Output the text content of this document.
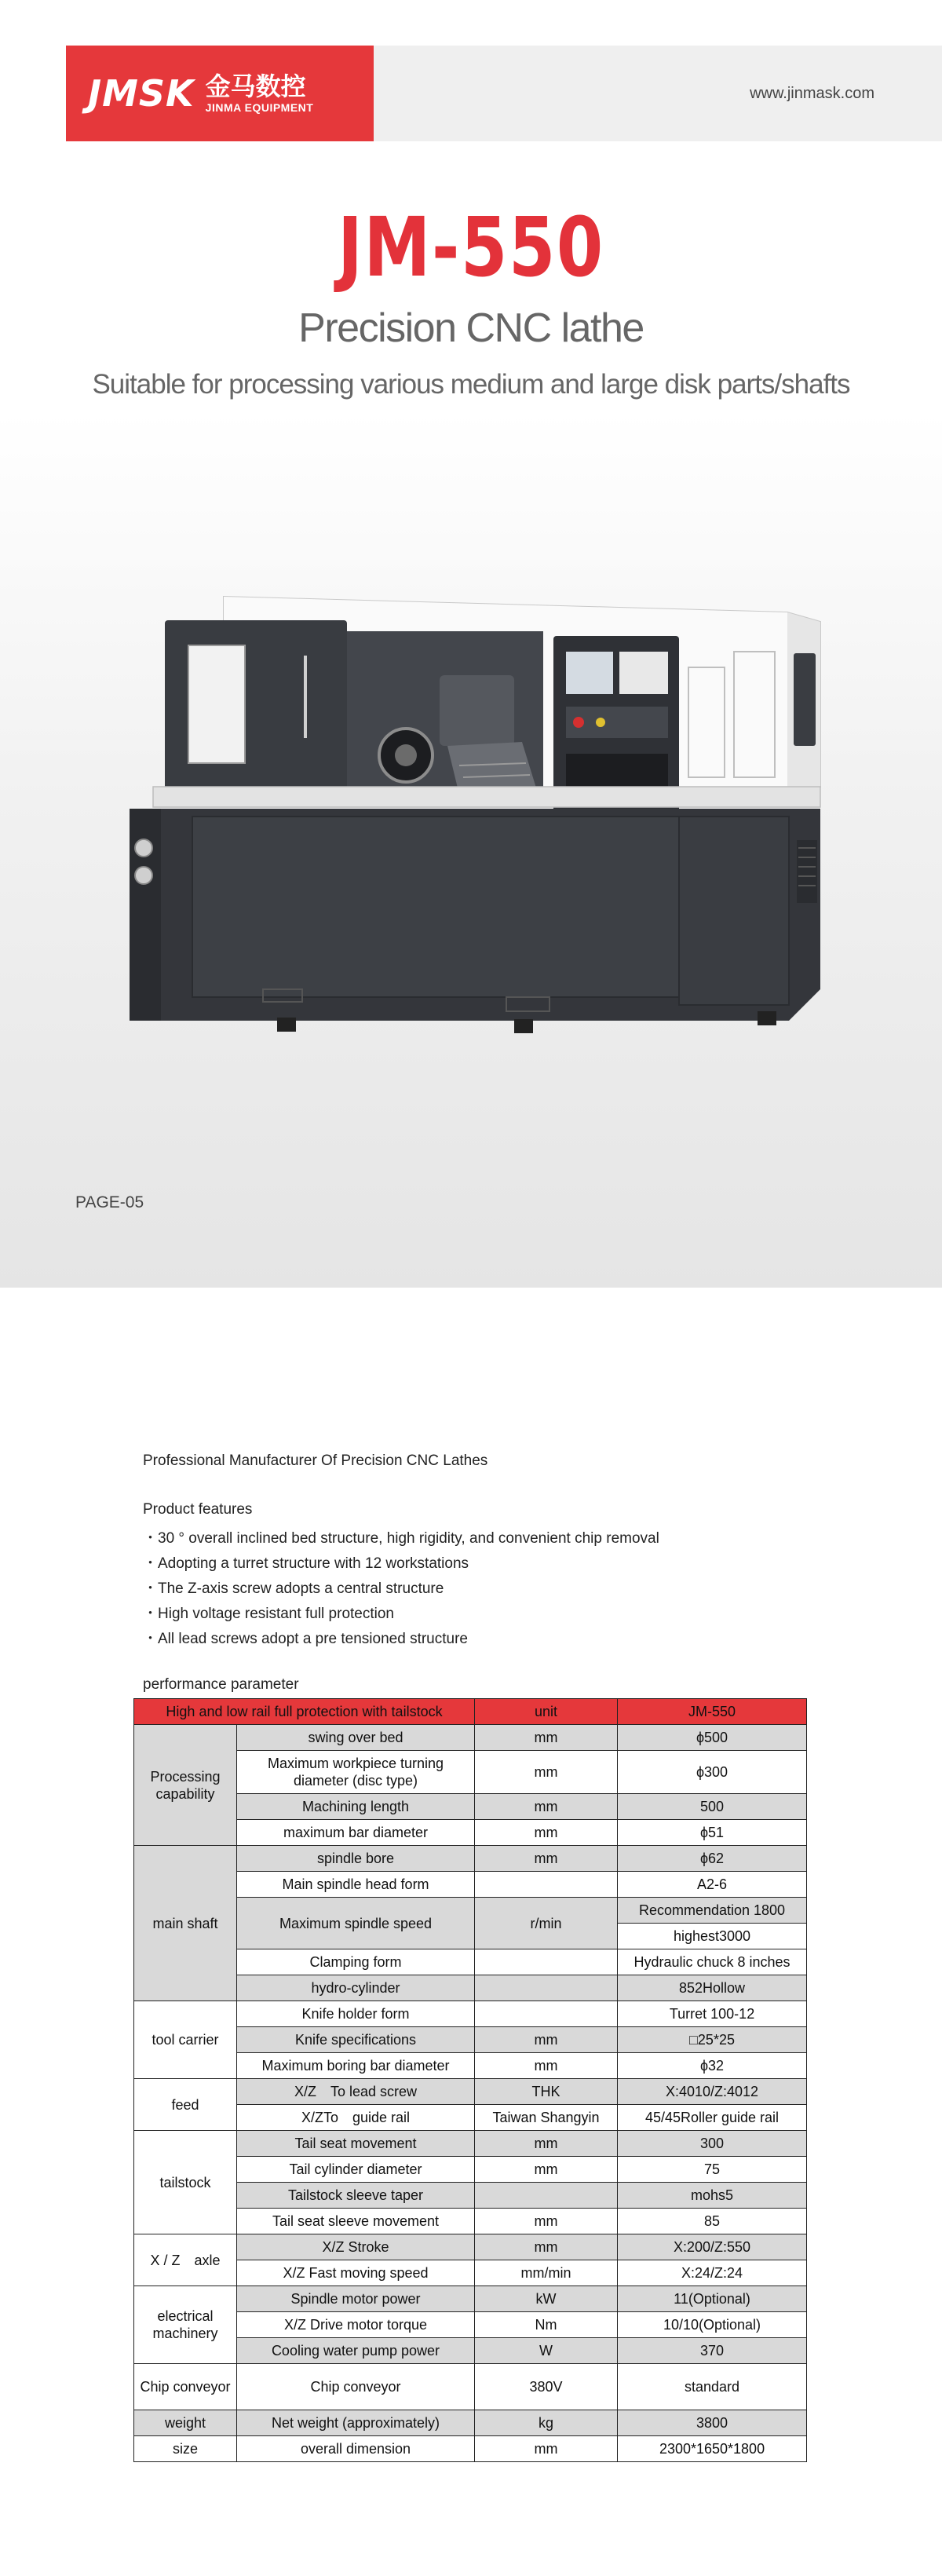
JMSK 金马数控
JINMA EQUIPMENT
www.jinmask.com
JM-550
Precision CNC lathe
Suitable for processing various medium and large disk parts/shafts
PAGE-05
Professional Manufacturer Of Precision CNC Lathes
Product features
・30 ° overall inclined bed structure, high rigidity, and convenient chip removal
・Adopting a turret structure with 12 workstations
・The Z-axis screw adopts a central structure
・High voltage resistant full protection
・All lead screws adopt a pre tensioned structure
performance parameter
High and low rail full protection with tailstock		unit	JM-550
Processing capability	swing over bed	mm	ϕ500
	Maximum workpiece turning diameter (disc type)	mm	ϕ300
	Machining length	mm	500
	maximum bar diameter	mm	ϕ51
main shaft	spindle bore	mm	ϕ62
	Main spindle head form		A2-6
	Maximum spindle speed	r/min	Recommendation 1800
			highest3000
	Clamping form		Hydraulic chuck 8 inches
	hydro-cylinder		852Hollow
tool carrier	Knife holder form		Turret 100-12
	Knife specifications	mm	□25*25
	Maximum boring bar diameter	mm	ϕ32
feed	X/Z　To lead screw	THK	X:4010/Z:4012
	X/ZTo　guide rail	Taiwan Shangyin	45/45Roller guide rail
tailstock	Tail seat movement	mm	300
	Tail cylinder diameter	mm	75
	Tailstock sleeve taper		mohs5
	Tail seat sleeve movement	mm	85
X / Z　axle	X/Z Stroke	mm	X:200/Z:550
	X/Z Fast moving speed	mm/min	X:24/Z:24
electrical machinery	Spindle motor power	kW	11(Optional)
	X/Z Drive motor torque	Nm	10/10(Optional)
	Cooling water pump power	W	370
Chip conveyor	Chip conveyor	380V	standard
weight	Net weight (approximately)	kg	3800
size	overall dimension	mm	2300*1650*1800
